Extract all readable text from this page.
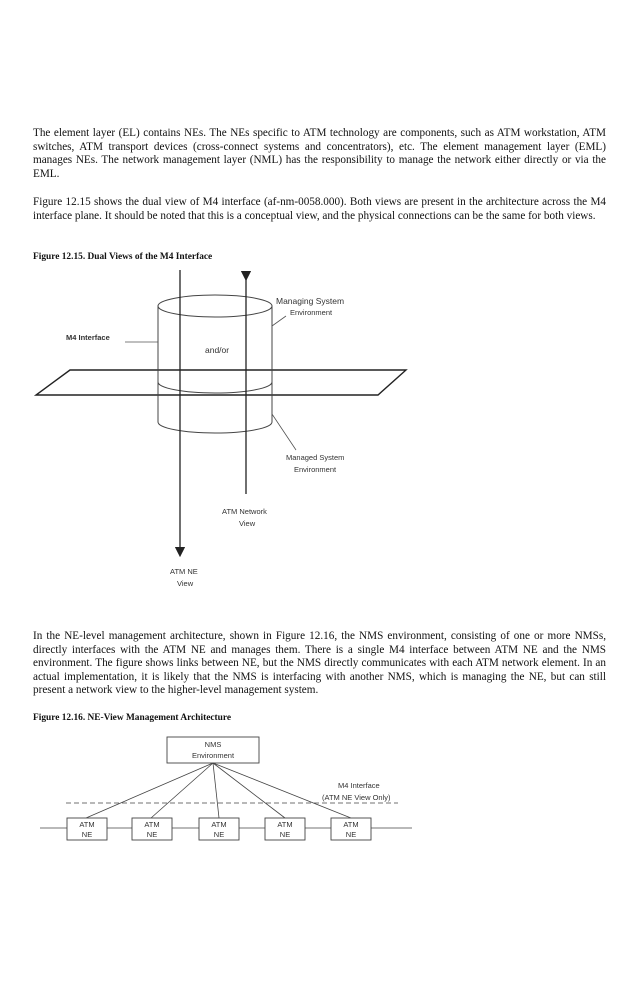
The element layer (EL) contains NEs. The NEs specific to ATM technology are components, such as ATM workstation, ATM switches, ATM transport devices (cross-connect systems and concentrators), etc. The element management layer (EML) manages NEs. The network management layer (NML) has the responsibility to manage the network either directly or via the EML.

Figure 12.15 shows the dual view of M4 interface (af-nm-0058.000). Both views are present in the architecture across the M4 interface plane. It should be noted that this is a conceptual view, and the physical connections can be the same for both views.

Figure 12.15. Dual Views of the M4 Interface

Managing System
Environment
M4 Interface
and/or
Managed System
Environment
ATM Network
View
ATM NE
View

In the NE-level management architecture, shown in Figure 12.16, the NMS environment, consisting of one or more NMSs, directly interfaces with the ATM NE and manages them. There is a single M4 interface between ATM NE and the NMS environment. The figure shows links between NE, but the NMS directly communicates with each ATM network element. In an actual implementation, it is likely that the NMS is interfacing with another NMS, which is managing the NE, but can still present a network view to the higher-level management system.

Figure 12.16. NE-View Management Architecture

NMS
Environment
M4 Interface
(ATM NE View Only)
ATM
NE
ATM
NE
ATM
NE
ATM
NE
ATM
NE
